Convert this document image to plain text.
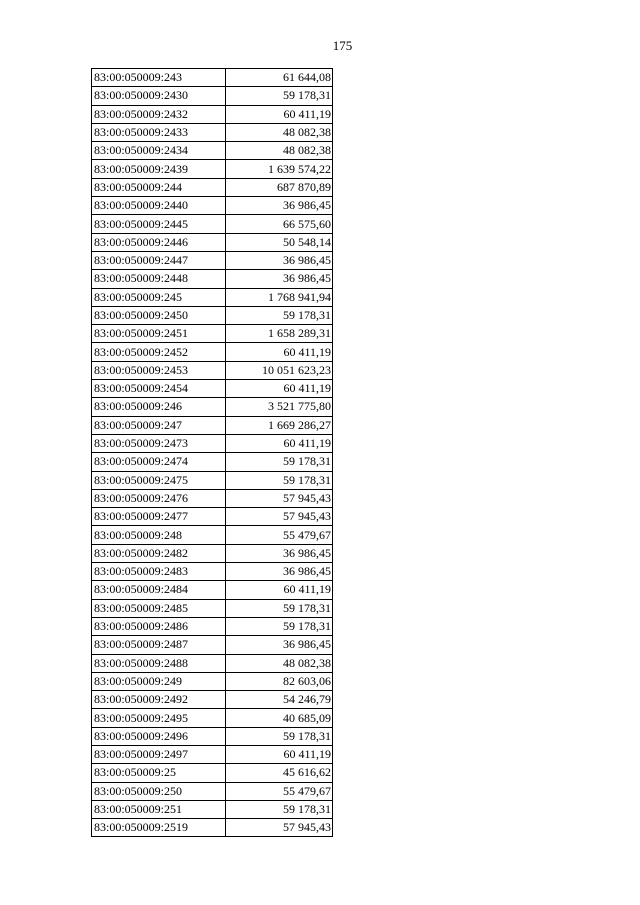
175
83:00:050009:243	61 644,08
83:00:050009:2430	59 178,31
83:00:050009:2432	60 411,19
83:00:050009:2433	48 082,38
83:00:050009:2434	48 082,38
83:00:050009:2439	1 639 574,22
83:00:050009:244	687 870,89
83:00:050009:2440	36 986,45
83:00:050009:2445	66 575,60
83:00:050009:2446	50 548,14
83:00:050009:2447	36 986,45
83:00:050009:2448	36 986,45
83:00:050009:245	1 768 941,94
83:00:050009:2450	59 178,31
83:00:050009:2451	1 658 289,31
83:00:050009:2452	60 411,19
83:00:050009:2453	10 051 623,23
83:00:050009:2454	60 411,19
83:00:050009:246	3 521 775,80
83:00:050009:247	1 669 286,27
83:00:050009:2473	60 411,19
83:00:050009:2474	59 178,31
83:00:050009:2475	59 178,31
83:00:050009:2476	57 945,43
83:00:050009:2477	57 945,43
83:00:050009:248	55 479,67
83:00:050009:2482	36 986,45
83:00:050009:2483	36 986,45
83:00:050009:2484	60 411,19
83:00:050009:2485	59 178,31
83:00:050009:2486	59 178,31
83:00:050009:2487	36 986,45
83:00:050009:2488	48 082,38
83:00:050009:249	82 603,06
83:00:050009:2492	54 246,79
83:00:050009:2495	40 685,09
83:00:050009:2496	59 178,31
83:00:050009:2497	60 411,19
83:00:050009:25	45 616,62
83:00:050009:250	55 479,67
83:00:050009:251	59 178,31
83:00:050009:2519	57 945,43
